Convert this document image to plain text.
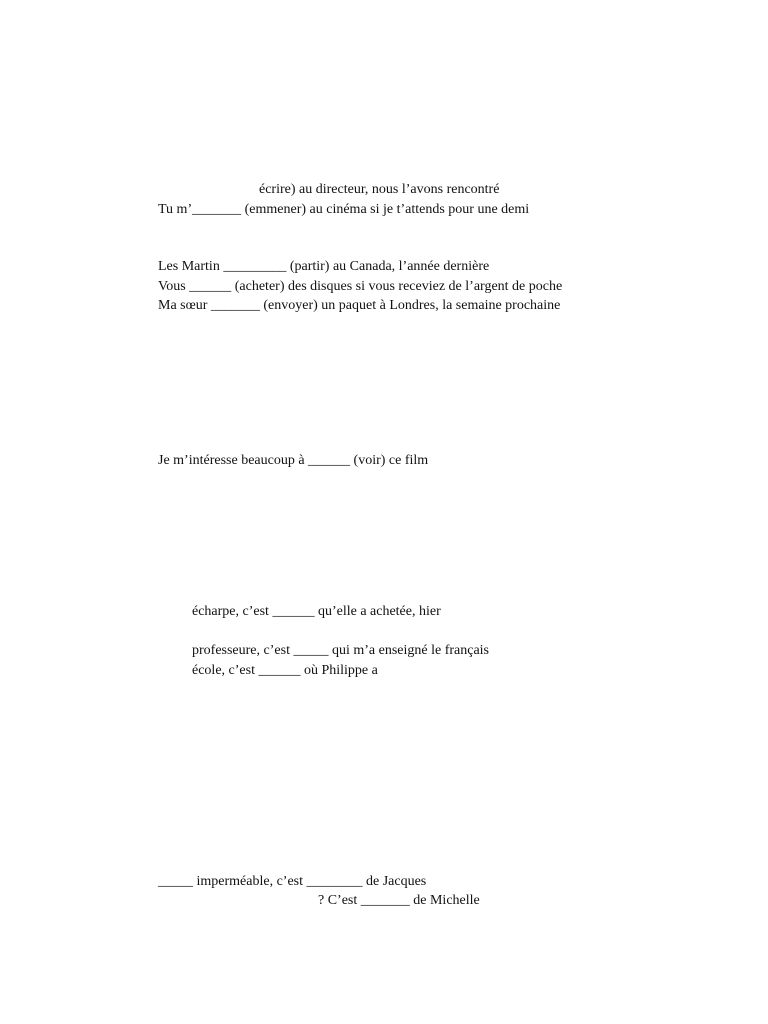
écrire) au directeur, nous l’avons rencontré
Tu m’_______ (emmener) au cinéma si je t’attends pour une demi
Les Martin _________ (partir) au Canada, l’année dernière
Vous ______ (acheter) des disques si vous receviez de l’argent de poche
Ma sœur _______ (envoyer) un paquet à Londres, la semaine prochaine
Je m’intéresse beaucoup à ______ (voir) ce film
écharpe, c’est ______ qu’elle a achetée, hier
professeure, c’est _____ qui m’a enseigné le français
école, c’est ______ où Philippe a
_____ imperméable, c’est ________ de Jacques
? C’est _______ de Michelle
